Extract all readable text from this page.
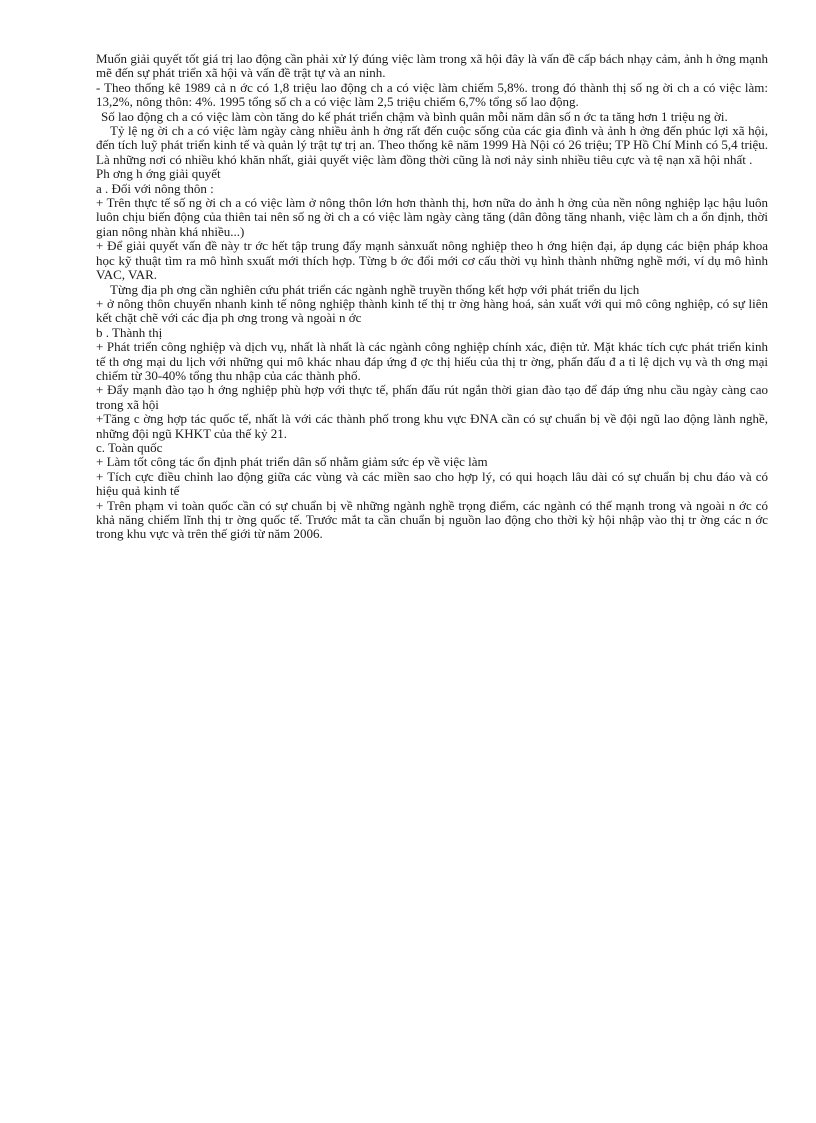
Muốn giải quyết tốt giá trị lao động cần phải xử lý đúng việc làm trong xã hội đây là vấn đề cấp bách nhạy cảm, ảnh h ởng mạnh mẽ đến sự phát triển xã hội và vấn đề trật tự và an ninh.

- Theo thống kê 1989 cả n ớc có 1,8 triệu lao động ch a có việc làm chiếm 5,8%. trong đó thành thị số ng ời ch a có việc làm: 13,2%, nông thôn: 4%. 1995 tổng số ch a có việc làm 2,5 triệu chiếm 6,7% tổng số lao động.

Số lao động ch a có việc làm còn tăng do kế phát triển chậm và bình quân mỗi năm dân số n ớc ta tăng hơn 1 triệu ng ời.

Tỷ lệ ng ời ch a có việc làm ngày càng nhiều ảnh h ởng rất đến cuộc sống của các gia đình và ảnh h ởng đến phúc lợi xã hội, đến tích luỹ phát triển kinh tế và quản lý trật tự trị an. Theo thống kê năm 1999 Hà Nội có 26 triệu; TP Hồ Chí Minh có 5,4 triệu. Là những nơi có nhiều khó khăn nhất, giải quyết việc làm đồng thời cũng là nơi nảy sinh nhiều tiêu cực và tệ nạn xã hội nhất .

Ph ơng h ớng giải quyết

a . Đối với nông thôn :

+ Trên thực tế số ng ời ch a có việc làm ở nông thôn lớn hơn thành thị, hơn nữa do ảnh h ởng của nền nông nghiệp lạc hậu luôn luôn chịu biến động của thiên tai nên số ng ời ch a có việc làm ngày càng tăng (dân đông tăng nhanh, việc làm ch a ổn định, thời gian nông nhàn khá nhiều...)

+ Để giải quyết vấn đề này tr ớc hết tập trung đẩy mạnh sảnxuất nông nghiệp theo h ớng hiện đại, áp dụng các biện pháp khoa học kỹ thuật tìm ra mô hình sxuất mới thích hợp. Từng b ớc đổi mới cơ cấu thời vụ hình thành những nghề mới, ví dụ mô hình VAC, VAR.

Từng địa ph ơng cần nghiên cứu phát triển các ngành nghề truyền thống kết hợp với phát triển du lịch

+ ở nông thôn chuyển nhanh kinh tế nông nghiệp thành kinh tế thị tr ờng hàng hoá, sản xuất với qui mô công nghiệp, có sự liên kết chặt chẽ với các địa ph ơng trong và ngoài n ớc

b . Thành thị

+ Phát triển công nghiệp và dịch vụ, nhất là nhất là các ngành công nghiệp chính xác, điện tử. Mặt khác tích cực phát triển kinh tế th ơng mại du lịch với những qui mô khác nhau đáp ứng đ ợc thị hiếu của thị tr ờng, phấn đấu đ a tỉ lệ dịch vụ và th ơng mại chiếm từ 30-40% tổng thu nhập của các thành phố.

+ Đẩy mạnh đào tạo h ớng nghiệp phù hợp với thực tế, phấn đấu rút ngắn thời gian đào tạo để đáp ứng nhu cầu ngày càng cao trong xã hội

+Tăng c ờng hợp tác quốc tế, nhất là với các thành phố trong khu vực ĐNA cần có sự chuẩn bị về đội ngũ lao động lành nghề, những đội ngũ KHKT của thế kỷ 21.

c. Toàn quốc

+ Làm tốt công tác ổn định phát triển dân số nhằm giảm sức ép về việc làm

+ Tích cực điều chỉnh lao động giữa các vùng và các miền sao cho hợp lý, có qui hoạch lâu dài có sự chuẩn bị chu đáo và có hiệu quả kinh tế

+ Trên phạm vi toàn quốc cần có sự chuẩn bị về những ngành nghề trọng điểm, các ngành có thế mạnh trong và ngoài n ớc có khả năng chiếm lĩnh thị tr ờng quốc tế. Trước mắt ta cần chuẩn bị nguồn lao động cho thời kỳ hội nhập vào thị tr ờng các n ớc trong khu vực và trên thế giới từ năm 2006.
